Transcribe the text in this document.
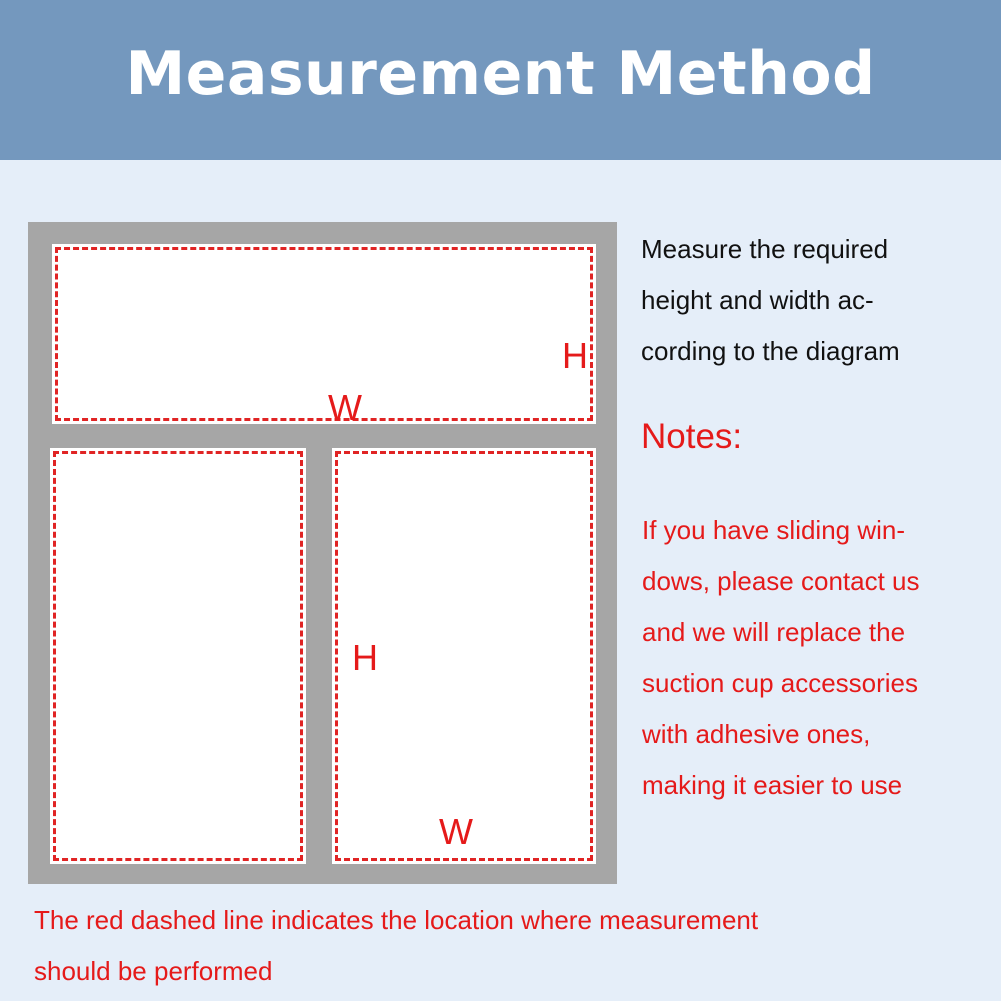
Measurement Method
H
W
H
W
Measure the required
height and width ac-
cording to the diagram
Notes:
If you have sliding win-
dows, please contact us
and we will replace the
suction cup accessories
with adhesive ones,
making it easier to use
The red dashed line indicates the location where measurement
should be performed
